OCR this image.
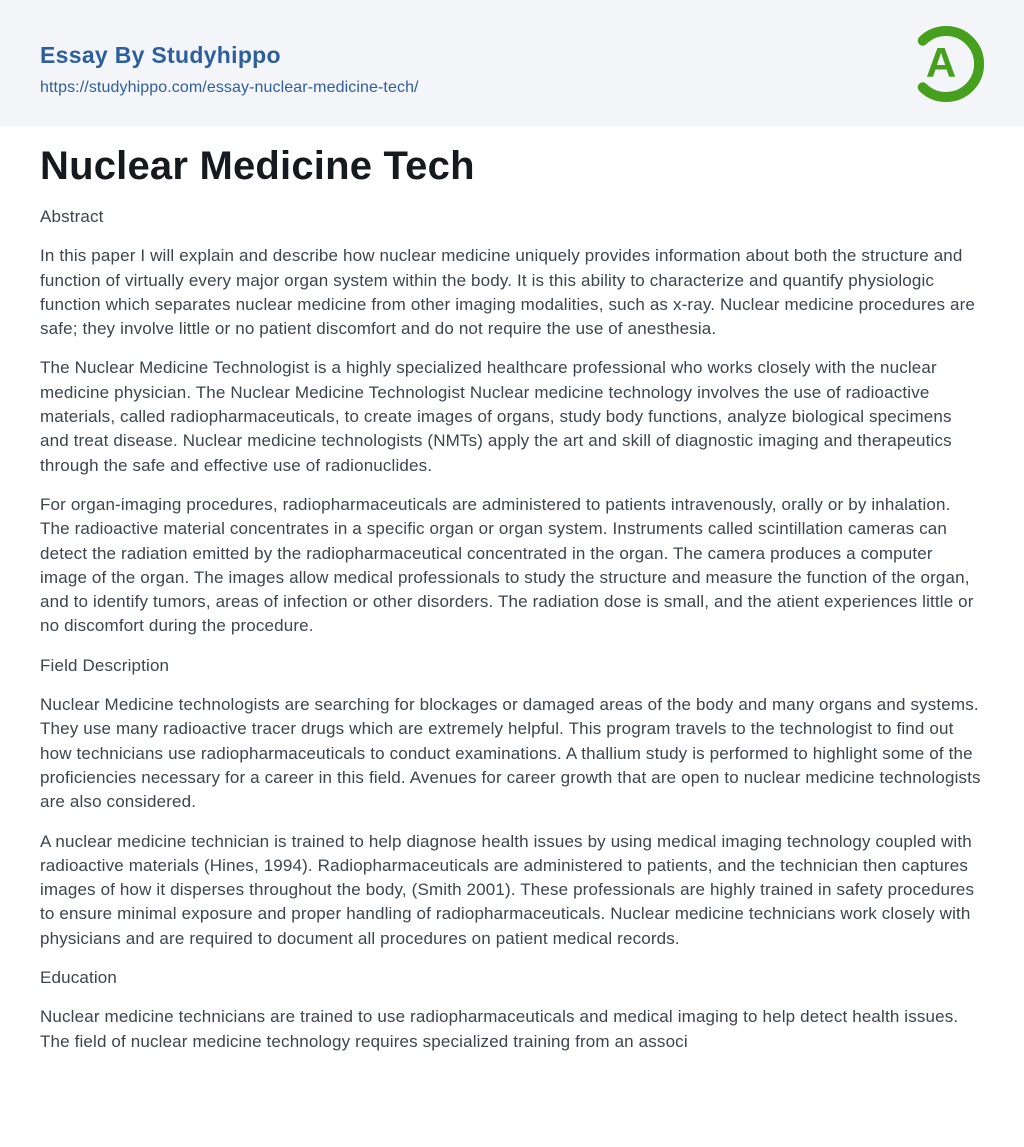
Essay By Studyhippo
https://studyhippo.com/essay-nuclear-medicine-tech/
A
Nuclear Medicine Tech
Abstract

In this paper I will explain and describe how nuclear medicine uniquely provides information about both the structure and function of virtually every major organ system within the body. It is this ability to characterize and quantify physiologic function which separates nuclear medicine from other imaging modalities, such as x-ray. Nuclear medicine procedures are safe; they involve little or no patient discomfort and do not require the use of anesthesia.

The Nuclear Medicine Technologist is a highly specialized healthcare professional who works closely with the nuclear medicine physician. The Nuclear Medicine Technologist Nuclear medicine technology involves the use of radioactive materials, called radiopharmaceuticals, to create images of organs, study body functions, analyze biological specimens and treat disease. Nuclear medicine technologists (NMTs) apply the art and skill of diagnostic imaging and therapeutics through the safe and effective use of radionuclides.

For organ-imaging procedures, radiopharmaceuticals are administered to patients intravenously, orally or by inhalation. The radioactive material concentrates in a specific organ or organ system. Instruments called scintillation cameras can detect the radiation emitted by the radiopharmaceutical concentrated in the organ. The camera produces a computer image of the organ. The images allow medical professionals to study the structure and measure the function of the organ, and to identify tumors, areas of infection or other disorders. The radiation dose is small, and the atient experiences little or no discomfort during the procedure.

Field Description

Nuclear Medicine technologists are searching for blockages or damaged areas of the body and many organs and systems. They use many radioactive tracer drugs which are extremely helpful. This program travels to the technologist to find out how technicians use radiopharmaceuticals to conduct examinations. A thallium study is performed to highlight some of the proficiencies necessary for a career in this field. Avenues for career growth that are open to nuclear medicine technologists are also considered.

A nuclear medicine technician is trained to help diagnose health issues by using medical imaging technology coupled with radioactive materials (Hines, 1994). Radiopharmaceuticals are administered to patients, and the technician then captures images of how it disperses throughout the body, (Smith 2001). These professionals are highly trained in safety procedures to ensure minimal exposure and proper handling of radiopharmaceuticals. Nuclear medicine technicians work closely with physicians and are required to document all procedures on patient medical records.

Education

Nuclear medicine technicians are trained to use radiopharmaceuticals and medical imaging to help detect health issues. The field of nuclear medicine technology requires specialized training from an associ
